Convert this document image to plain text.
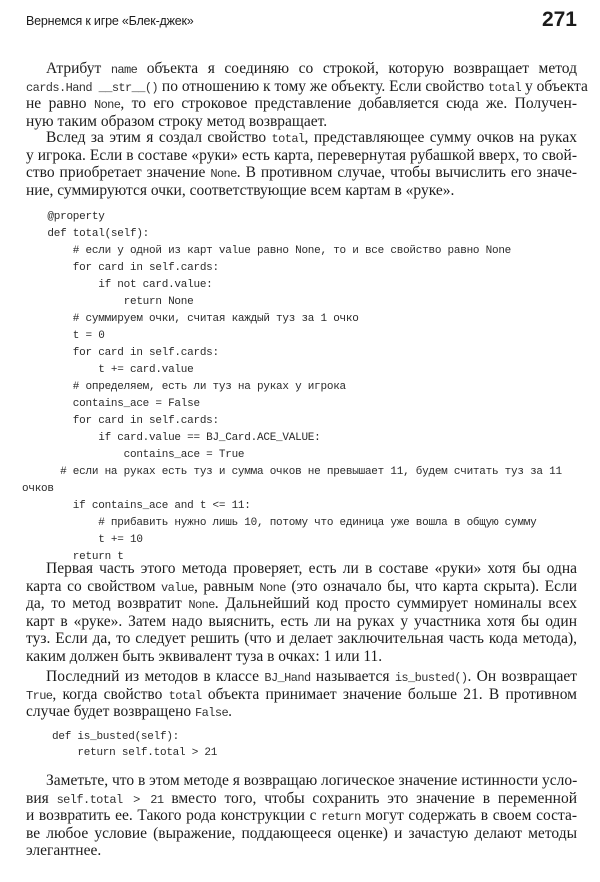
Вернемся к игре «Блек-джек»	271
Атрибут name объекта я соединяю со строкой, которую возвращает метод
cards.Hand __str__() по отношению к тому же объекту. Если свойство total у объекта
не равно None, то его строковое представление добавляется сюда же. Получен-
ную таким образом строку метод возвращает.
Вслед за этим я создал свойство total, представляющее сумму очков на руках
у игрока. Если в составе «руки» есть карта, перевернутая рубашкой вверх, то свой-
ство приобретает значение None. В противном случае, чтобы вычислить его значе-
ние, суммируются очки, соответствующие всем картам в «руке».
@property
def total(self):
# если у одной из карт value равно None, то и все свойство равно None
for card in self.cards:
if not card.value:
return None
# суммируем очки, считая каждый туз за 1 очко
t = 0
for card in self.cards:
t += card.value
# определяем, есть ли туз на руках у игрока
contains_ace = False
for card in self.cards:
if card.value == BJ_Card.ACE_VALUE:
contains_ace = True
# если на руках есть туз и сумма очков не превышает 11, будем считать туз за 11
очков
if contains_ace and t <= 11:
# прибавить нужно лишь 10, потому что единица уже вошла в общую сумму
t += 10
return t
Первая часть этого метода проверяет, есть ли в составе «руки» хотя бы одна
карта со свойством value, равным None (это означало бы, что карта скрыта). Если
да, то метод возвратит None. Дальнейший код просто суммирует номиналы всех
карт в «руке». Затем надо выяснить, есть ли на руках у участника хотя бы один
туз. Если да, то следует решить (что и делает заключительная часть кода метода),
каким должен быть эквивалент туза в очках: 1 или 11.
Последний из методов в классе BJ_Hand называется is_busted(). Он возвращает
True, когда свойство total объекта принимает значение больше 21. В противном
случае будет возвращено False.
def is_busted(self):
return self.total > 21
Заметьте, что в этом методе я возвращаю логическое значение истинности усло-
вия self.total > 21 вместо того, чтобы сохранить это значение в переменной
и возвратить ее. Такого рода конструкции с return могут содержать в своем соста-
ве любое условие (выражение, поддающееся оценке) и зачастую делают методы
элегантнее.
